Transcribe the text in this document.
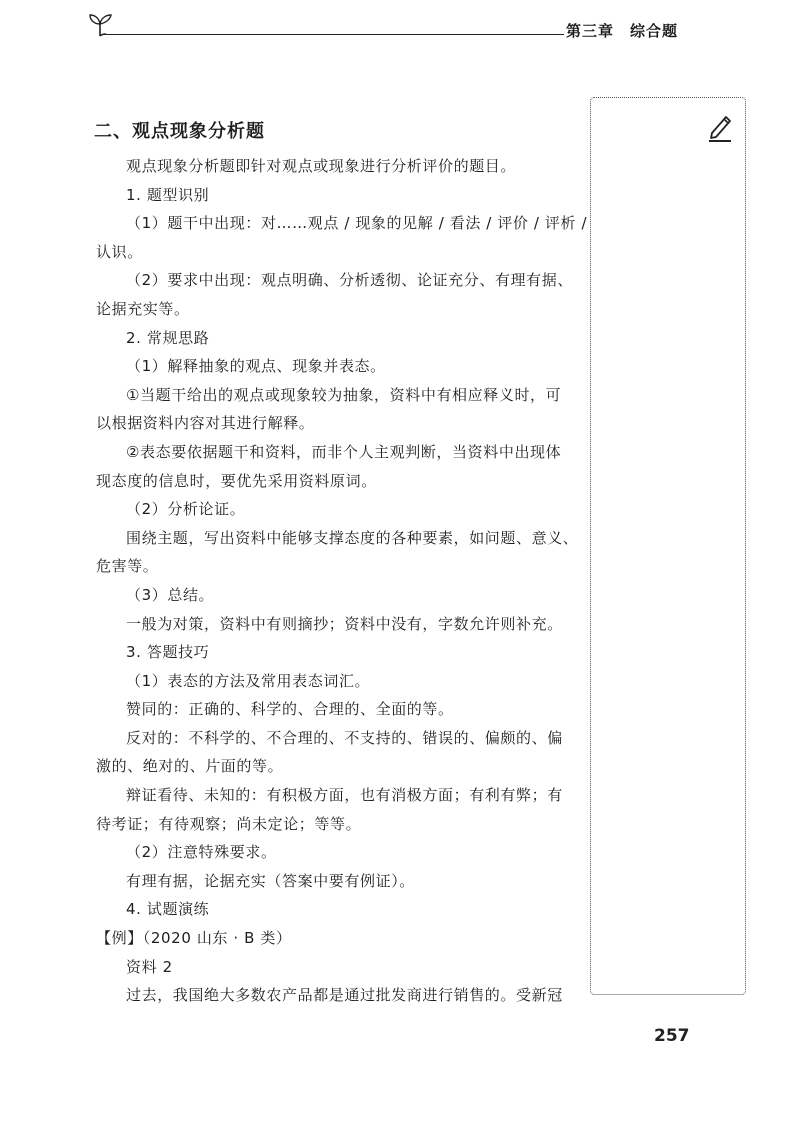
第三章　综合题
二、观点现象分析题

观点现象分析题即针对观点或现象进行分析评价的题目。

1. 题型识别

（1）题干中出现：对……观点 / 现象的见解 / 看法 / 评价 / 评析 /

认识。

（2）要求中出现：观点明确、分析透彻、论证充分、有理有据、

论据充实等。

2. 常规思路

（1）解释抽象的观点、现象并表态。

①当题干给出的观点或现象较为抽象，资料中有相应释义时，可

以根据资料内容对其进行解释。

②表态要依据题干和资料，而非个人主观判断，当资料中出现体

现态度的信息时，要优先采用资料原词。

（2）分析论证。

围绕主题，写出资料中能够支撑态度的各种要素，如问题、意义、

危害等。

（3）总结。

一般为对策，资料中有则摘抄；资料中没有，字数允许则补充。

3. 答题技巧

（1）表态的方法及常用表态词汇。

赞同的：正确的、科学的、合理的、全面的等。

反对的：不科学的、不合理的、不支持的、错误的、偏颇的、偏

激的、绝对的、片面的等。

辩证看待、未知的：有积极方面，也有消极方面；有利有弊；有

待考证；有待观察；尚未定论；等等。

（2）注意特殊要求。

有理有据，论据充实（答案中要有例证）。

4. 试题演练

【例】（2020 山东 · B 类）

资料 2

过去，我国绝大多数农产品都是通过批发商进行销售的。受新冠

257
